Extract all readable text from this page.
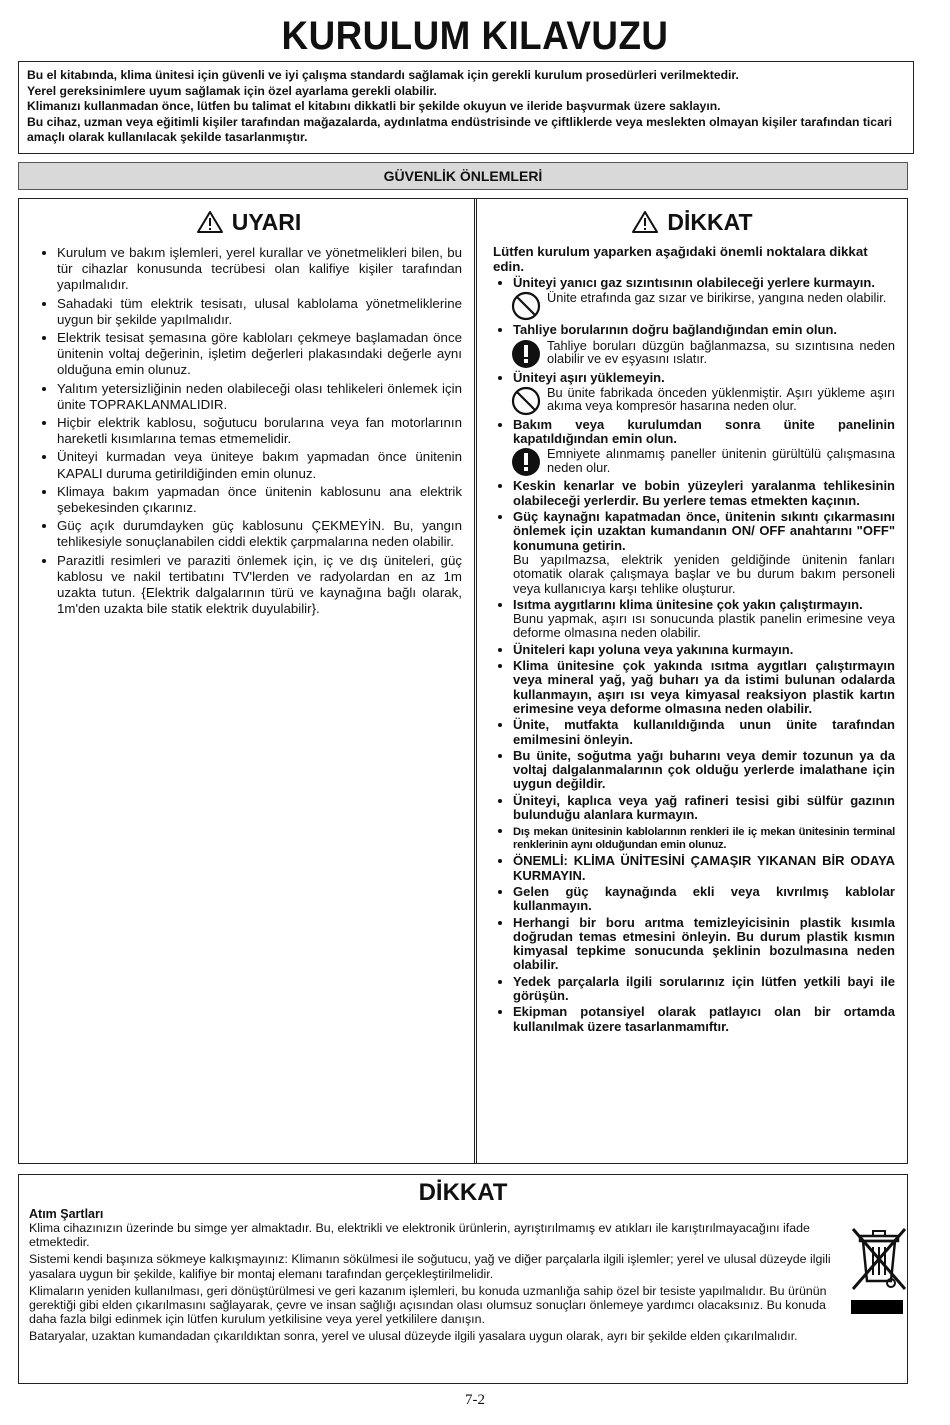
KURULUM KILAVUZU

Bu el kitabında, klima ünitesi için güvenli ve iyi çalışma standardı sağlamak için gerekli kurulum prosedürleri verilmektedir.

Yerel gereksinimlere uyum sağlamak için özel ayarlama gerekli olabilir.

Klimanızı kullanmadan önce, lütfen bu talimat el kitabını dikkatli bir şekilde okuyun ve ileride başvurmak üzere saklayın.

Bu cihaz, uzman veya eğitimli kişiler tarafından mağazalarda, aydınlatma endüstrisinde ve çiftliklerde veya meslekten olmayan kişiler tarafından ticari amaçlı olarak kullanılacak şekilde tasarlanmıştır.

GÜVENLİK ÖNLEMLERİ
UYARI
• Kurulum ve bakım işlemleri, yerel kurallar ve yönetmelikleri bilen, bu tür cihazlar konusunda tecrübesi olan kalifiye kişiler tarafından yapılmalıdır.
• Sahadaki tüm elektrik tesisatı, ulusal kablolama yönetmeliklerine uygun bir şekilde yapılmalıdır.
• Elektrik tesisat şemasına göre kabloları çekmeye başlamadan önce ünitenin voltaj değerinin, işletim değerleri plakasındaki değerle aynı olduğuna emin olunuz.
• Yalıtım yetersizliğinin neden olabileceği olası tehlikeleri önlemek için ünite TOPRAKLANMALIDIR.
• Hiçbir elektrik kablosu, soğutucu borularına veya fan motorlarının hareketli kısımlarına temas etmemelidir.
• Üniteyi kurmadan veya üniteye bakım yapmadan önce ünitenin KAPALI duruma getirildiğinden emin olunuz.
• Klimaya bakım yapmadan önce ünitenin kablosunu ana elektrik şebekesinden çıkarınız.
• Güç açık durumdayken güç kablosunu ÇEKMEYİN. Bu, yangın tehlikesiyle sonuçlanabilen ciddi elektik çarpmalarına neden olabilir.
• Parazitli resimleri ve paraziti önlemek için, iç ve dış üniteleri, güç kablosu ve nakil tertibatını TV'lerden ve radyolardan en az 1m uzakta tutun. {Elektrik dalgalarının türü ve kaynağına bağlı olarak, 1m'den uzakta bile statik elektrik duyulabilir}.
DİKKAT
Lütfen kurulum yaparken aşağıdaki önemli noktalara dikkat edin.
• Üniteyi yanıcı gaz sızıntısının olabileceği yerlere kurmayın.
Ünite etrafında gaz sızar ve birikirse, yangına neden olabilir.
• Tahliye borularının doğru bağlandığından emin olun.
Tahliye boruları düzgün bağlanmazsa, su sızıntısına neden olabilir ve ev eşyasını ıslatır.
• Üniteyi aşırı yüklemeyin.
Bu ünite fabrikada önceden yüklenmiştir. Aşırı yükleme aşırı akıma veya kompresör hasarına neden olur.
• Bakım veya kurulumdan sonra ünite panelinin kapatıldığından emin olun.
Emniyete alınmamış paneller ünitenin gürültülü çalışmasına neden olur.
• Keskin kenarlar ve bobin yüzeyleri yaralanma tehlikesinin olabileceği yerlerdir. Bu yerlere temas etmekten kaçının.
• Güç kaynağnı kapatmadan önce, ünitenin sıkıntı çıkarmasını önlemek için uzaktan kumandanın ON/ OFF anahtarını "OFF" konumuna getirin.
Bu yapılmazsa, elektrik yeniden geldiğinde ünitenin fanları otomatik olarak çalışmaya başlar ve bu durum bakım personeli veya kullanıcıya karşı tehlike oluşturur.
• Isıtma aygıtlarını klima ünitesine çok yakın çalıştırmayın.
Bunu yapmak, aşırı ısı sonucunda plastik panelin erimesine veya deforme olmasına neden olabilir.
• Üniteleri kapı yoluna veya yakınına kurmayın.
• Klima ünitesine çok yakında ısıtma aygıtları çalıştırmayın veya mineral yağ, yağ buharı ya da istimi bulunan odalarda kullanmayın, aşırı ısı veya kimyasal reaksiyon plastik kartın erimesine veya deforme olmasına neden olabilir.
• Ünite, mutfakta kullanıldığında unun ünite tarafından emilmesini önleyin.
• Bu ünite, soğutma yağı buharını veya demir tozunun ya da voltaj dalgalanmalarının çok olduğu yerlerde imalathane için uygun değildir.
• Üniteyi, kaplıca veya yağ rafineri tesisi gibi sülfür gazının bulunduğu alanlara kurmayın.
• Dış mekan ünitesinin kablolarının renkleri ile iç mekan ünitesinin terminal renklerinin aynı olduğundan emin olunuz.
• ÖNEMLİ: KLİMA ÜNİTESİNİ ÇAMAŞIR YIKANAN BİR ODAYA KURMAYIN.
• Gelen güç kaynağında ekli veya kıvrılmış kablolar kullanmayın.
• Herhangi bir boru arıtma temizleyicisinin plastik kısımla doğrudan temas etmesini önleyin. Bu durum plastik kısmın kimyasal tepkime sonucunda şeklinin bozulmasına neden olabilir.
• Yedek parçalarla ilgili sorularınız için lütfen yetkili bayi ile görüşün.
• Ekipman potansiyel olarak patlayıcı olan bir ortamda kullanılmak üzere tasarlanmamıftır.
DİKKAT
Atım Şartları

Klima cihazınızın üzerinde bu simge yer almaktadır. Bu, elektrikli ve elektronik ürünlerin, ayrıştırılmamış ev atıkları ile karıştırılmayacağını ifade etmektedir.

Sistemi kendi başınıza sökmeye kalkışmayınız: Klimanın sökülmesi ile soğutucu, yağ ve diğer parçalarla ilgili işlemler; yerel ve ulusal düzeyde ilgili yasalara uygun bir şekilde, kalifiye bir montaj elemanı tarafından gerçekleştirilmelidir.

Klimaların yeniden kullanılması, geri dönüştürülmesi ve geri kazanım işlemleri, bu konuda uzmanlığa sahip özel bir tesiste yapılmalıdır. Bu ürünün gerektiği gibi elden çıkarılmasını sağlayarak, çevre ve insan sağlığı açısından olası olumsuz sonuçları önlemeye yardımcı olacaksınız. Bu konuda daha fazla bilgi edinmek için lütfen kurulum yetkilisine veya yerel yetkililere danışın.

Bataryalar, uzaktan kumandadan çıkarıldıktan sonra, yerel ve ulusal düzeyde ilgili yasalara uygun olarak, ayrı bir şekilde elden çıkarılmalıdır.

7-2
